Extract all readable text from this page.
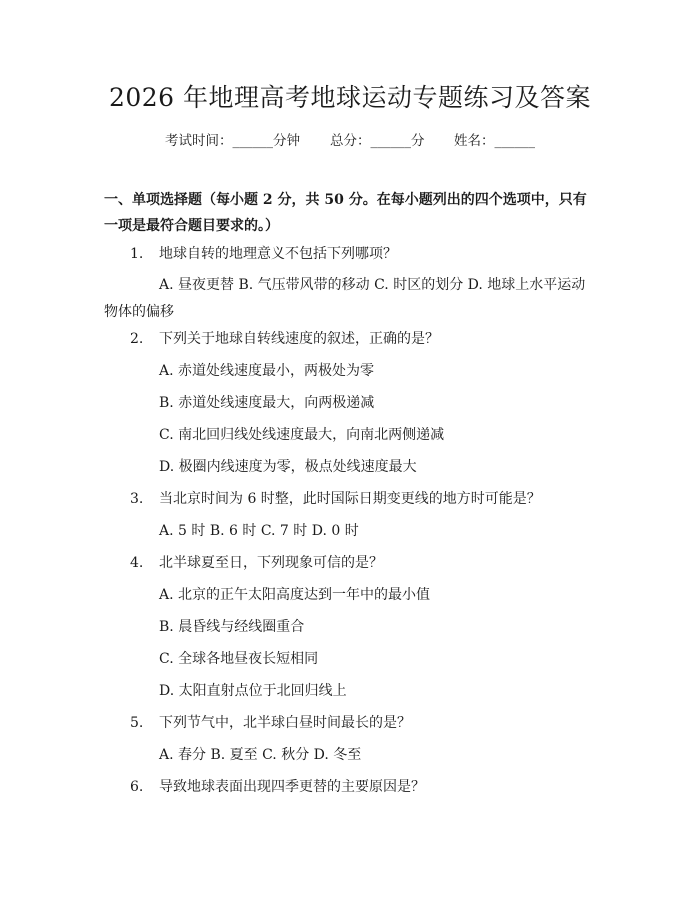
2026 年地理高考地球运动专题练习及答案
考试时间：______分钟 总分：______分 姓名：______
一、单项选择题（每小题 2 分，共 50 分。在每小题列出的四个选项中，只有一项是最符合题目要求的。）
1. 地球自转的地理意义不包括下列哪项？
A. 昼夜更替 B. 气压带风带的移动 C. 时区的划分 D. 地球上水平运动物体的偏移
2. 下列关于地球自转线速度的叙述，正确的是？
A. 赤道处线速度最小，两极处为零
B. 赤道处线速度最大，向两极递减
C. 南北回归线处线速度最大，向南北两侧递减
D. 极圈内线速度为零，极点处线速度最大
3. 当北京时间为 6 时整，此时国际日期变更线的地方时可能是？
A. 5 时 B. 6 时 C. 7 时 D. 0 时
4. 北半球夏至日，下列现象可信的是？
A. 北京的正午太阳高度达到一年中的最小值
B. 晨昏线与经线圈重合
C. 全球各地昼夜长短相同
D. 太阳直射点位于北回归线上
5. 下列节气中，北半球白昼时间最长的是？
A. 春分 B. 夏至 C. 秋分 D. 冬至
6. 导致地球表面出现四季更替的主要原因是？
